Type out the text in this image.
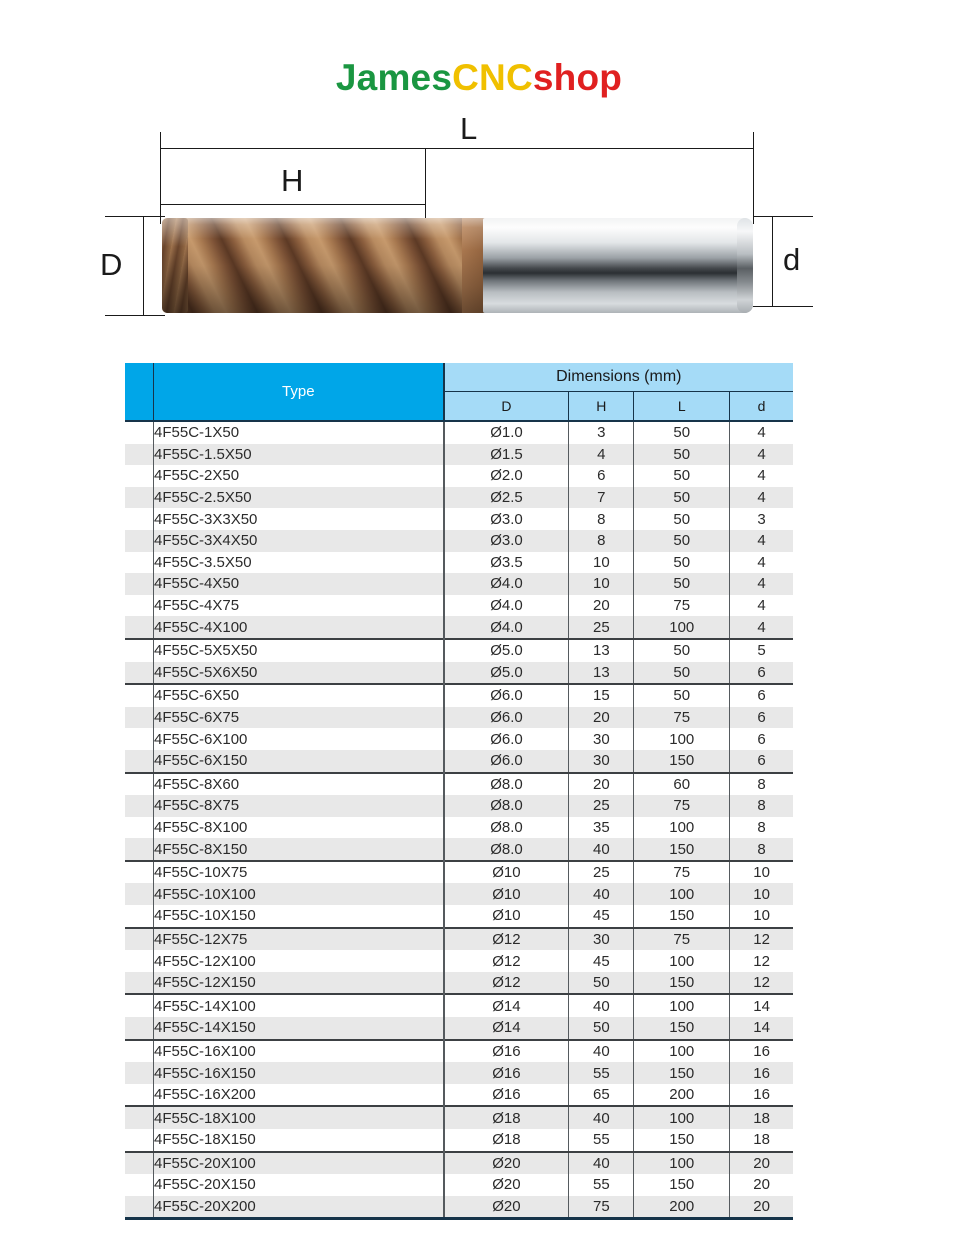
JamesCNCshop
L
H
D	d
	Type	Dimensions (mm)			
		D	H	L	d
	4F55C-1X50	Ø1.0	3	50	4
	4F55C-1.5X50	Ø1.5	4	50	4
	4F55C-2X50	Ø2.0	6	50	4
	4F55C-2.5X50	Ø2.5	7	50	4
	4F55C-3X3X50	Ø3.0	8	50	3
	4F55C-3X4X50	Ø3.0	8	50	4
	4F55C-3.5X50	Ø3.5	10	50	4
	4F55C-4X50	Ø4.0	10	50	4
	4F55C-4X75	Ø4.0	20	75	4
	4F55C-4X100	Ø4.0	25	100	4
	4F55C-5X5X50	Ø5.0	13	50	5
	4F55C-5X6X50	Ø5.0	13	50	6
	4F55C-6X50	Ø6.0	15	50	6
	4F55C-6X75	Ø6.0	20	75	6
	4F55C-6X100	Ø6.0	30	100	6
	4F55C-6X150	Ø6.0	30	150	6
	4F55C-8X60	Ø8.0	20	60	8
	4F55C-8X75	Ø8.0	25	75	8
	4F55C-8X100	Ø8.0	35	100	8
	4F55C-8X150	Ø8.0	40	150	8
	4F55C-10X75	Ø10	25	75	10
	4F55C-10X100	Ø10	40	100	10
	4F55C-10X150	Ø10	45	150	10
	4F55C-12X75	Ø12	30	75	12
	4F55C-12X100	Ø12	45	100	12
	4F55C-12X150	Ø12	50	150	12
	4F55C-14X100	Ø14	40	100	14
	4F55C-14X150	Ø14	50	150	14
	4F55C-16X100	Ø16	40	100	16
	4F55C-16X150	Ø16	55	150	16
	4F55C-16X200	Ø16	65	200	16
	4F55C-18X100	Ø18	40	100	18
	4F55C-18X150	Ø18	55	150	18
	4F55C-20X100	Ø20	40	100	20
	4F55C-20X150	Ø20	55	150	20
	4F55C-20X200	Ø20	75	200	20
